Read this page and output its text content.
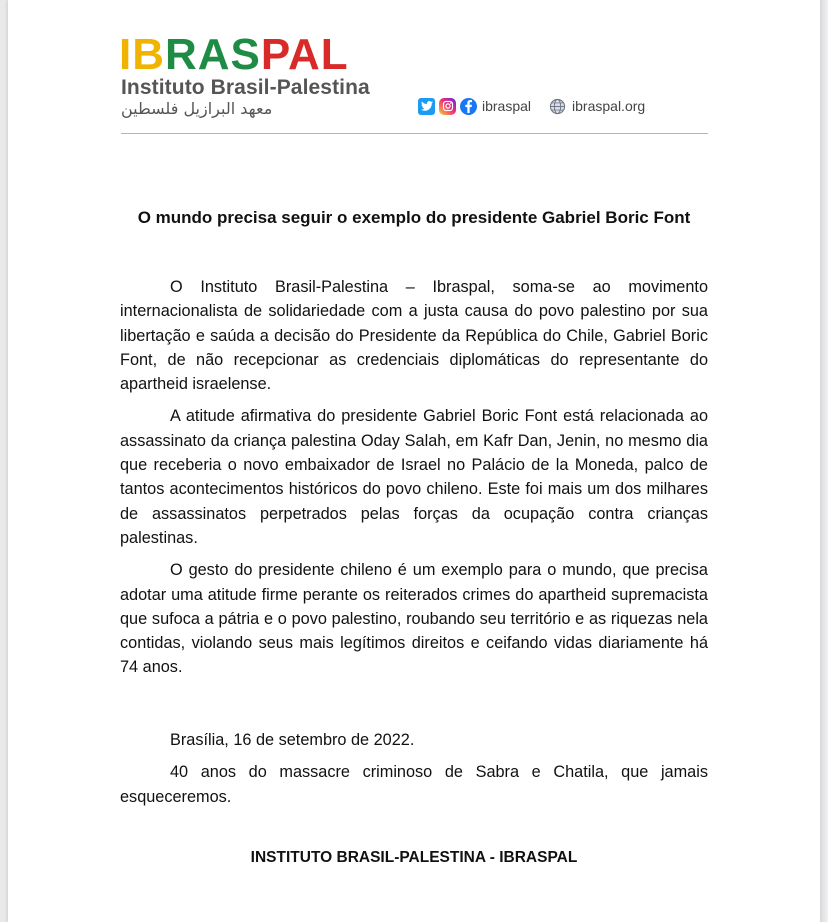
IBRASPAL
Instituto Brasil-Palestina
معهد البرازيل فلسطين	ibraspal	ibraspal.org
O mundo precisa seguir o exemplo do presidente Gabriel Boric Font

O Instituto Brasil-Palestina – Ibraspal, soma-se ao movimento internacionalista de solidariedade com a justa causa do povo palestino por sua libertação e saúda a decisão do Presidente da República do Chile, Gabriel Boric Font, de não recepcionar as credenciais diplomáticas do representante do apartheid israelense.

A atitude afirmativa do presidente Gabriel Boric Font está relacionada ao assassinato da criança palestina Oday Salah, em Kafr Dan, Jenin, no mesmo dia que receberia o novo embaixador de Israel no Palácio de la Moneda, palco de tantos acontecimentos históricos do povo chileno. Este foi mais um dos milhares de assassinatos perpetrados pelas forças da ocupação contra crianças palestinas.

O gesto do presidente chileno é um exemplo para o mundo, que precisa adotar uma atitude firme perante os reiterados crimes do apartheid supremacista que sufoca a pátria e o povo palestino, roubando seu território e as riquezas nela contidas, violando seus mais legítimos direitos e ceifando vidas diariamente há 74 anos.

Brasília, 16 de setembro de 2022.

40 anos do massacre criminoso de Sabra e Chatila, que jamais esqueceremos.

INSTITUTO BRASIL-PALESTINA - IBRASPAL
